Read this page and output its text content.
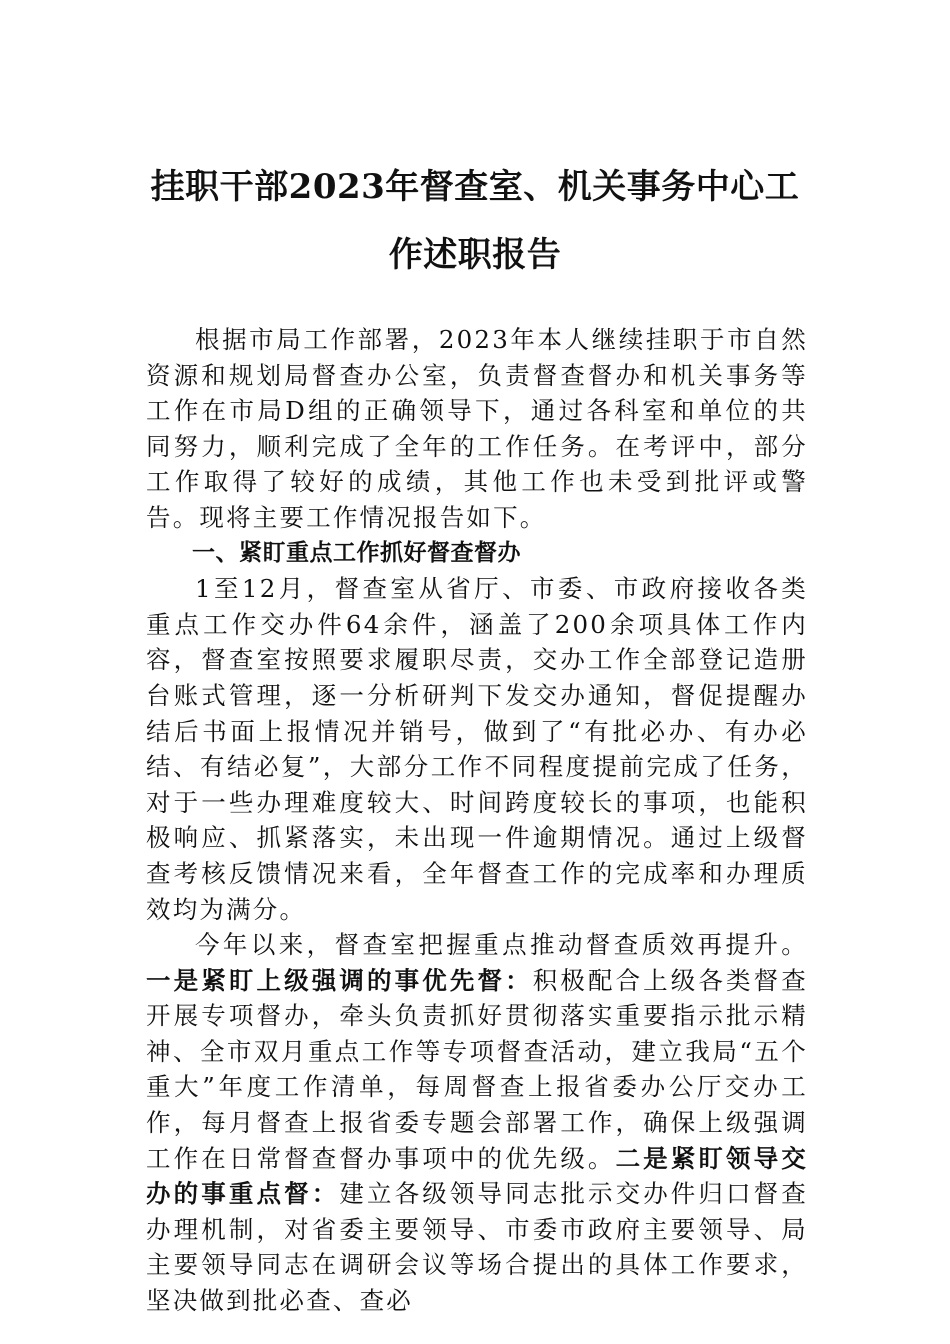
挂职干部2023年督查室、机关事务中心工
作述职报告

根据市局工作部署，2023年本人继续挂职于市自然资源和规划局督查办公室，负责督查督办和机关事务等工作在市局D组的正确领导下，通过各科室和单位的共同努力，顺利完成了全年的工作任务。在考评中，部分工作取得了较好的成绩，其他工作也未受到批评或警告。现将主要工作情况报告如下。

一、紧盯重点工作抓好督查督办

1至12月，督查室从省厅、市委、市政府接收各类重点工作交办件64余件，涵盖了200余项具体工作内容，督查室按照要求履职尽责，交办工作全部登记造册台账式管理，逐一分析研判下发交办通知，督促提醒办结后书面上报情况并销号，做到了“有批必办、有办必结、有结必复”，大部分工作不同程度提前完成了任务，对于一些办理难度较大、时间跨度较长的事项，也能积极响应、抓紧落实，未出现一件逾期情况。通过上级督查考核反馈情况来看，全年督查工作的完成率和办理质效均为满分。

今年以来，督查室把握重点推动督查质效再提升。一是紧盯上级强调的事优先督：积极配合上级各类督查开展专项督办，牵头负责抓好贯彻落实重要指示批示精神、全市双月重点工作等专项督查活动，建立我局“五个重大”年度工作清单，每周督查上报省委办公厅交办工作，每月督查上报省委专题会部署工作，确保上级强调工作在日常督查督办事项中的优先级。二是紧盯领导交办的事重点督：建立各级领导同志批示交办件归口督查办理机制，对省委主要领导、市委市政府主要领导、局主要领导同志在调研会议等场合提出的具体工作要求，坚决做到批必查、查必
